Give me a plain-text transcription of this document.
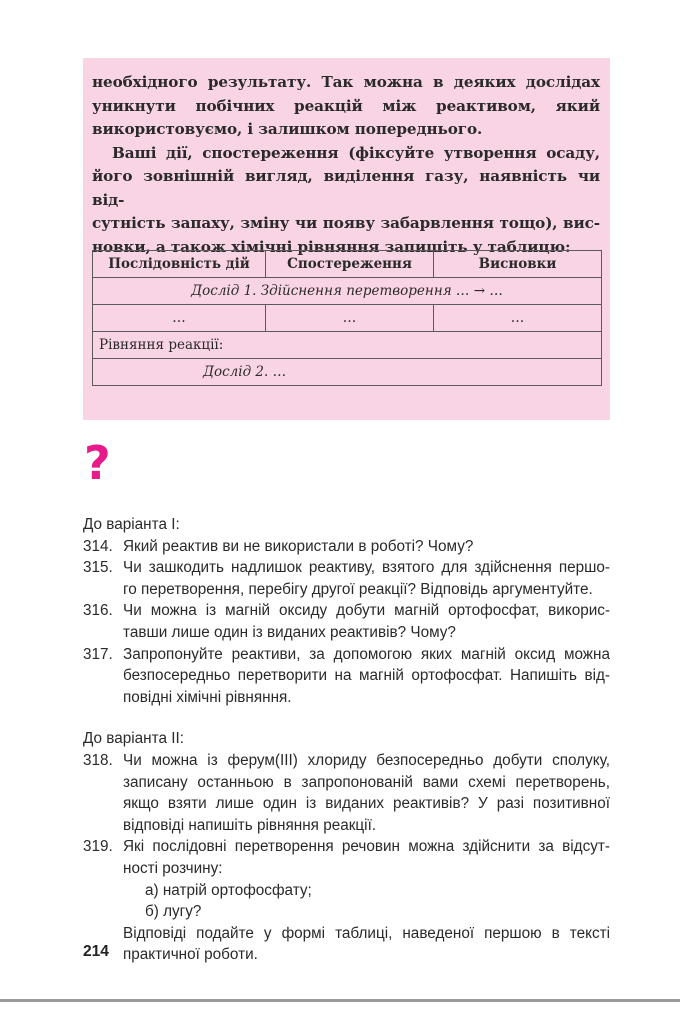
необхідного результату. Так можна в деяких дослідах
уникнути побічних реакцій між реактивом, який
використовуємо, і залишком попереднього.

Ваші дії, спостереження (фіксуйте утворення осаду,
його зовнішній вигляд, виділення газу, наявність чи від-
сутність запаху, зміну чи появу забарвлення тощо), вис-
новки, а також хімічні рівняння запишіть у таблицю:

Послідовність дій	Спостереження	Висновки
Дослід 1. Здійснення перетворення … → …		
…	…	…
Рівняння реакції:		
Дослід 2. …		
?
До варіанта І:
314. Який реактив ви не використали в роботі? Чому?
315. Чи зашкодить надлишок реактиву, взятого для здійснення першо-
го перетворення, перебігу другої реакції? Відповідь аргументуйте.
316. Чи можна із магній оксиду добути магній ортофосфат, викорис-
тавши лише один із виданих реактивів? Чому?
317. Запропонуйте реактиви, за допомогою яких магній оксид можна
безпосередньо перетворити на магній ортофосфат. Напишіть від-
повідні хімічні рівняння.
До варіанта ІІ:
318. Чи можна із ферум(ІІІ) хлориду безпосередньо добути сполуку,
записану останньою в запропонованій вами схемі перетворень,
якщо взяти лише один із виданих реактивів? У разі позитивної
відповіді напишіть рівняння реакції.
319. Які послідовні перетворення речовин можна здійснити за відсут-
ності розчину:
а) натрій ортофосфату;
б) лугу?
Відповіді подайте у формі таблиці, наведеної першою в тексті
практичної роботи.
214
